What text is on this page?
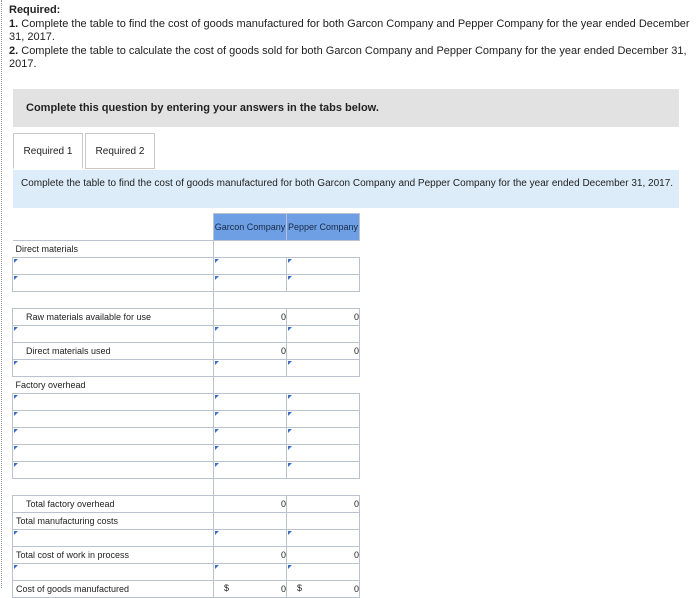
Required:
1. Complete the table to find the cost of goods manufactured for both Garcon Company and Pepper Company for the year ended December 31, 2017.
2. Complete the table to calculate the cost of goods sold for both Garcon Company and Pepper Company for the year ended December 31, 2017.
Complete this question by entering your answers in the tabs below.
Required 1	Required 2
Complete the table to find the cost of goods manufactured for both Garcon Company and Pepper Company for the year ended December 31, 2017.
	Garcon Company	Pepper Company

Direct materials		

Raw materials available for use	0	0

Direct materials used	0	0

Factory overhead		

Total factory overhead	0	0

Total manufacturing costs		

Total cost of work in process	0	0

Cost of goods manufactured	$ 0	$ 0
